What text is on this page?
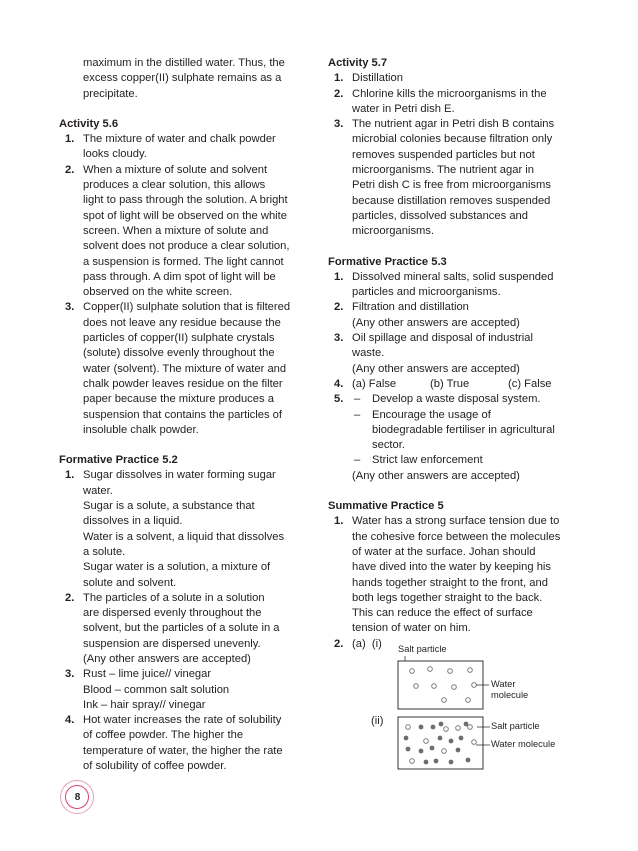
maximum in the distilled water. Thus, the

excess copper(II) sulphate remains as a

precipitate.

Activity 5.6

1. The mixture of water and chalk powder

looks cloudy.

2. When a mixture of solute and solvent

produces a clear solution, this allows

light to pass through the solution. A bright

spot of light will be observed on the white

screen. When a mixture of solute and

solvent does not produce a clear solution,

a suspension is formed. The light cannot

pass through. A dim spot of light will be

observed on the white screen.

3. Copper(II) sulphate solution that is filtered

does not leave any residue because the

particles of copper(II) sulphate crystals

(solute) dissolve evenly throughout the

water (solvent). The mixture of water and

chalk powder leaves residue on the filter

paper because the mixture produces a

suspension that contains the particles of

insoluble chalk powder.

Formative Practice 5.2

1. Sugar dissolves in water forming sugar

water.

Sugar is a solute, a substance that

dissolves in a liquid.

Water is a solvent, a liquid that dissolves

a solute.

Sugar water is a solution, a mixture of

solute and solvent.

2. The particles of a solute in a solution

are dispersed evenly throughout the

solvent, but the particles of a solute in a

suspension are dispersed unevenly.

(Any other answers are accepted)

3. Rust – lime juice// vinegar

Blood – common salt solution

Ink – hair spray// vinegar

4. Hot water increases the rate of solubility

of coffee powder. The higher the

temperature of water, the higher the rate

of solubility of coffee powder.

Activity 5.7

1. Distillation

2. Chlorine kills the microorganisms in the

water in Petri dish E.

3. The nutrient agar in Petri dish B contains

microbial colonies because filtration only

removes suspended particles but not

microorganisms. The nutrient agar in

Petri dish C is free from microorganisms

because distillation removes suspended

particles, dissolved substances and

microorganisms.

Formative Practice 5.3

1. Dissolved mineral salts, solid suspended

particles and microorganisms.

2. Filtration and distillation

(Any other answers are accepted)

3. Oil spillage and disposal of industrial

waste.

(Any other answers are accepted)

4. (a) False	(b) True	(c) False
5. – Develop a waste disposal system.

– Encourage the usage of

biodegradable fertiliser in agricultural

sector.

– Strict law enforcement

(Any other answers are accepted)

Summative Practice 5

1. Water has a strong surface tension due to

the cohesive force between the molecules

of water at the surface. Johan should

have dived into the water by keeping his

hands together straight to the front, and

both legs together straight to the back.

This can reduce the effect of surface

tension of water on him.

2. (a) (i)

(ii)
Salt particle
Water
molecule
Salt particle
Water molecule
8
